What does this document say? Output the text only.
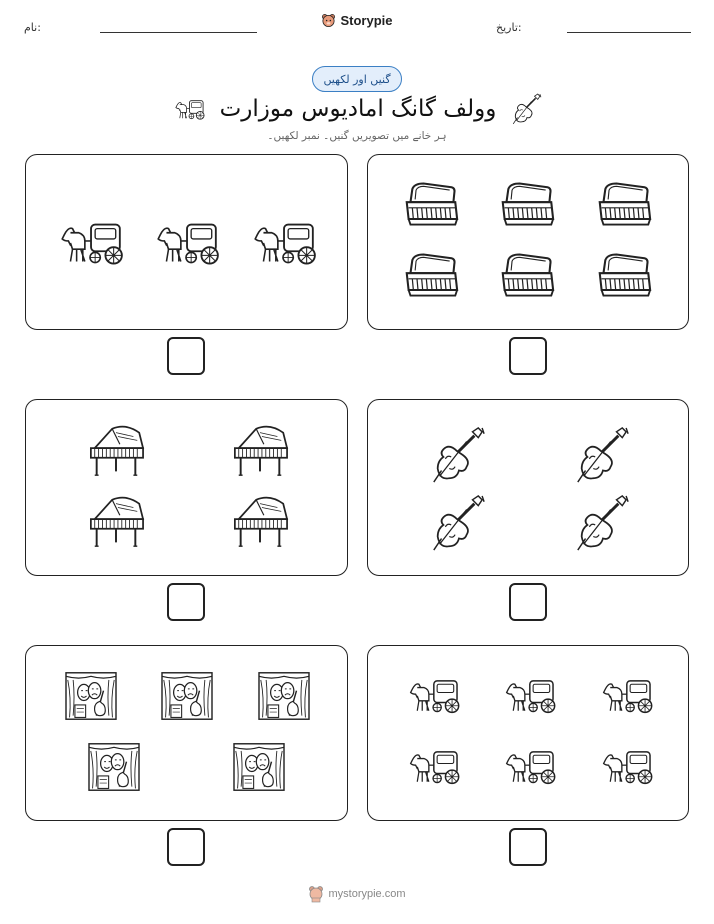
نام:	Storypie	تاریخ:
گنیں اور لکھیں
وولف گانگ امادیوس موزارت
ہر خانے میں تصویریں گنیں۔ نمبر لکھیں۔
mystorypie.com
